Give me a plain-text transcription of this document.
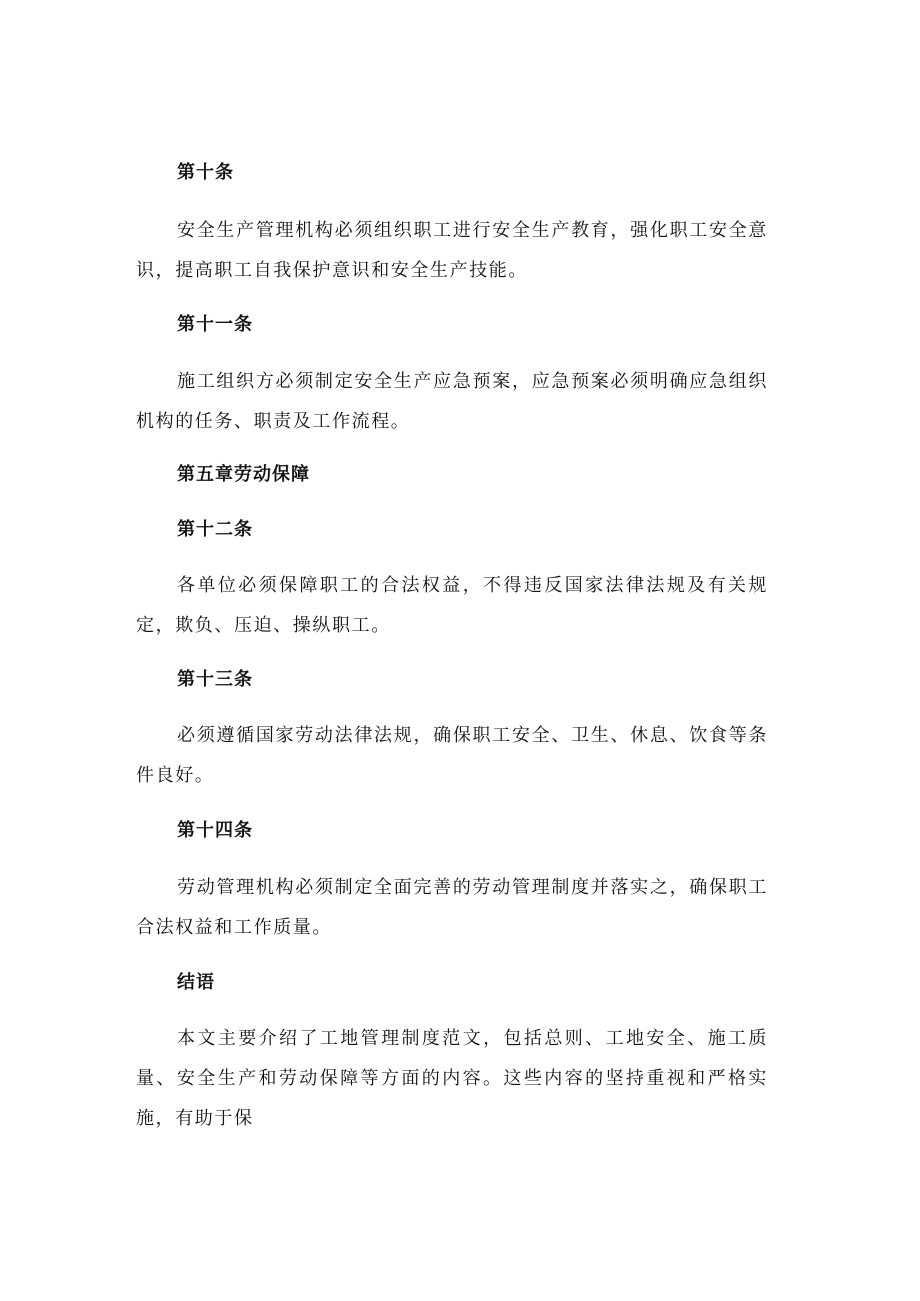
第十条

安全生产管理机构必须组织职工进行安全生产教育，强化职工安全意识，提高职工自我保护意识和安全生产技能。

第十一条

施工组织方必须制定安全生产应急预案，应急预案必须明确应急组织机构的任务、职责及工作流程。

第五章劳动保障

第十二条

各单位必须保障职工的合法权益，不得违反国家法律法规及有关规定，欺负、压迫、操纵职工。

第十三条

必须遵循国家劳动法律法规，确保职工安全、卫生、休息、饮食等条件良好。

第十四条

劳动管理机构必须制定全面完善的劳动管理制度并落实之，确保职工合法权益和工作质量。

结语

本文主要介绍了工地管理制度范文，包括总则、工地安全、施工质量、安全生产和劳动保障等方面的内容。这些内容的坚持重视和严格实施，有助于保
